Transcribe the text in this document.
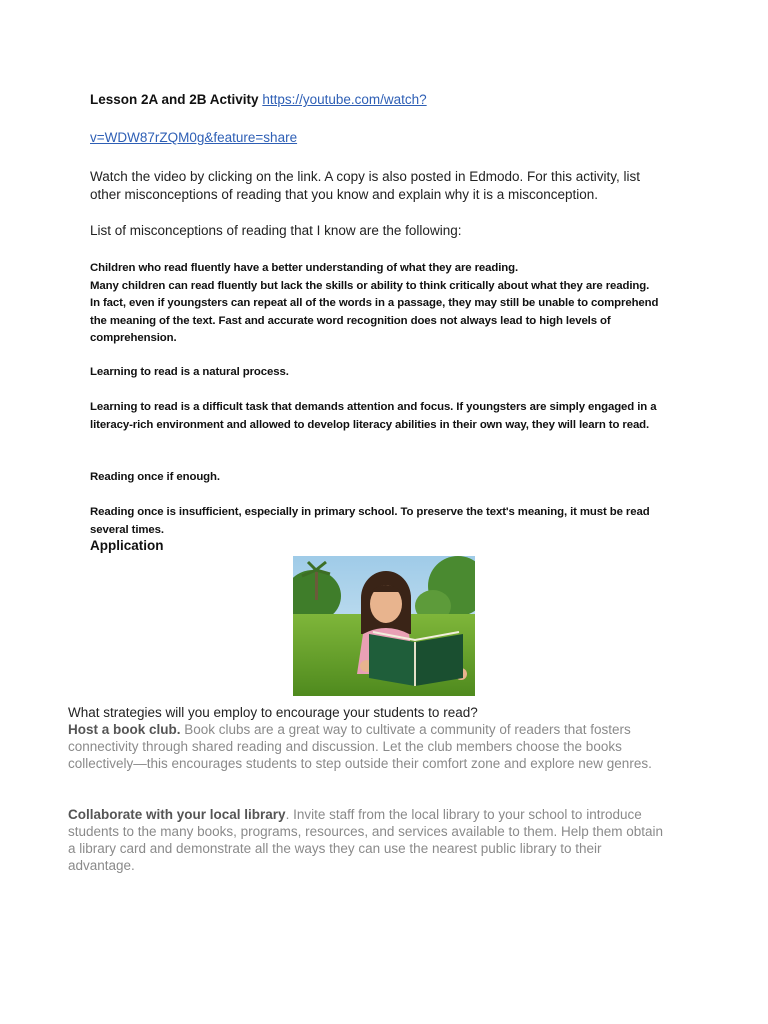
Lesson 2A and 2B Activity https://youtube.com/watch?
v=WDW87rZQM0g&feature=share
Watch the video by clicking on the link. A copy is also posted in Edmodo. For this activity, list other misconceptions of reading that you know and explain why it is a misconception.
List of misconceptions of reading that I know are the following:
Children who read fluently have a better understanding of what they are reading.
Many children can read fluently but lack the skills or ability to think critically about what they are reading. In fact, even if youngsters can repeat all of the words in a passage, they may still be unable to comprehend the meaning of the text. Fast and accurate word recognition does not always lead to high levels of comprehension.
Learning to read is a natural process.
Learning to read is a difficult task that demands attention and focus. If youngsters are simply engaged in a literacy-rich environment and allowed to develop literacy abilities in their own way, they will learn to read.
Reading once if enough.
Reading once is insufficient, especially in primary school. To preserve the text's meaning, it must be read several times.
Application
What strategies will you employ to encourage your students to read?
Host a book club. Book clubs are a great way to cultivate a community of readers that fosters connectivity through shared reading and discussion. Let the club members choose the books collectively—this encourages students to step outside their comfort zone and explore new genres.
Collaborate with your local library. Invite staff from the local library to your school to introduce students to the many books, programs, resources, and services available to them. Help them obtain a library card and demonstrate all the ways they can use the nearest public library to their advantage.
